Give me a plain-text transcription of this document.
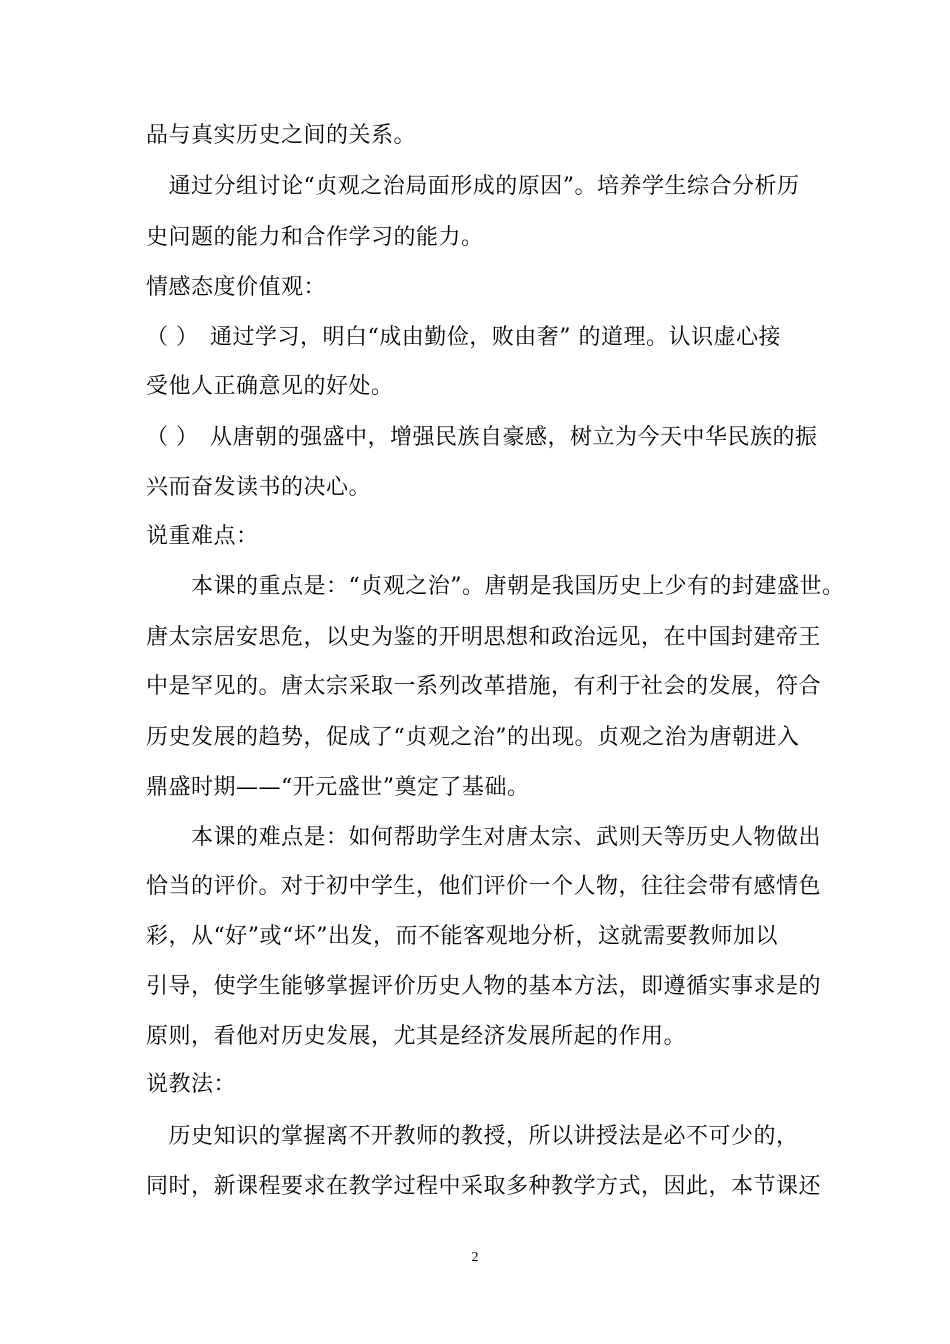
品与真实历史之间的关系。
　通过分组讨论“贞观之治局面形成的原因”。培养学生综合分析历
史问题的能力和合作学习的能力。
情感态度价值观：
（ ）　通过学习，明白“成由勤俭，败由奢” 的道理。认识虚心接
受他人正确意见的好处。
（ ）　从唐朝的强盛中，增强民族自豪感，树立为今天中华民族的振
兴而奋发读书的决心。
说重难点：
　　本课的重点是：“贞观之治”。唐朝是我国历史上少有的封建盛世。
唐太宗居安思危，以史为鉴的开明思想和政治远见，在中国封建帝王
中是罕见的。唐太宗采取一系列改革措施，有利于社会的发展，符合
历史发展的趋势，促成了“贞观之治”的出现。贞观之治为唐朝进入
鼎盛时期——“开元盛世”奠定了基础。
　　本课的难点是：如何帮助学生对唐太宗、武则天等历史人物做出
恰当的评价。对于初中学生，他们评价一个人物，往往会带有感情色
彩，从“好”或“坏”出发，而不能客观地分析，这就需要教师加以
引导，使学生能够掌握评价历史人物的基本方法，即遵循实事求是的
原则，看他对历史发展，尤其是经济发展所起的作用。
说教法：
　历史知识的掌握离不开教师的教授，所以讲授法是必不可少的，
同时，新课程要求在教学过程中采取多种教学方式，因此，本节课还
2
